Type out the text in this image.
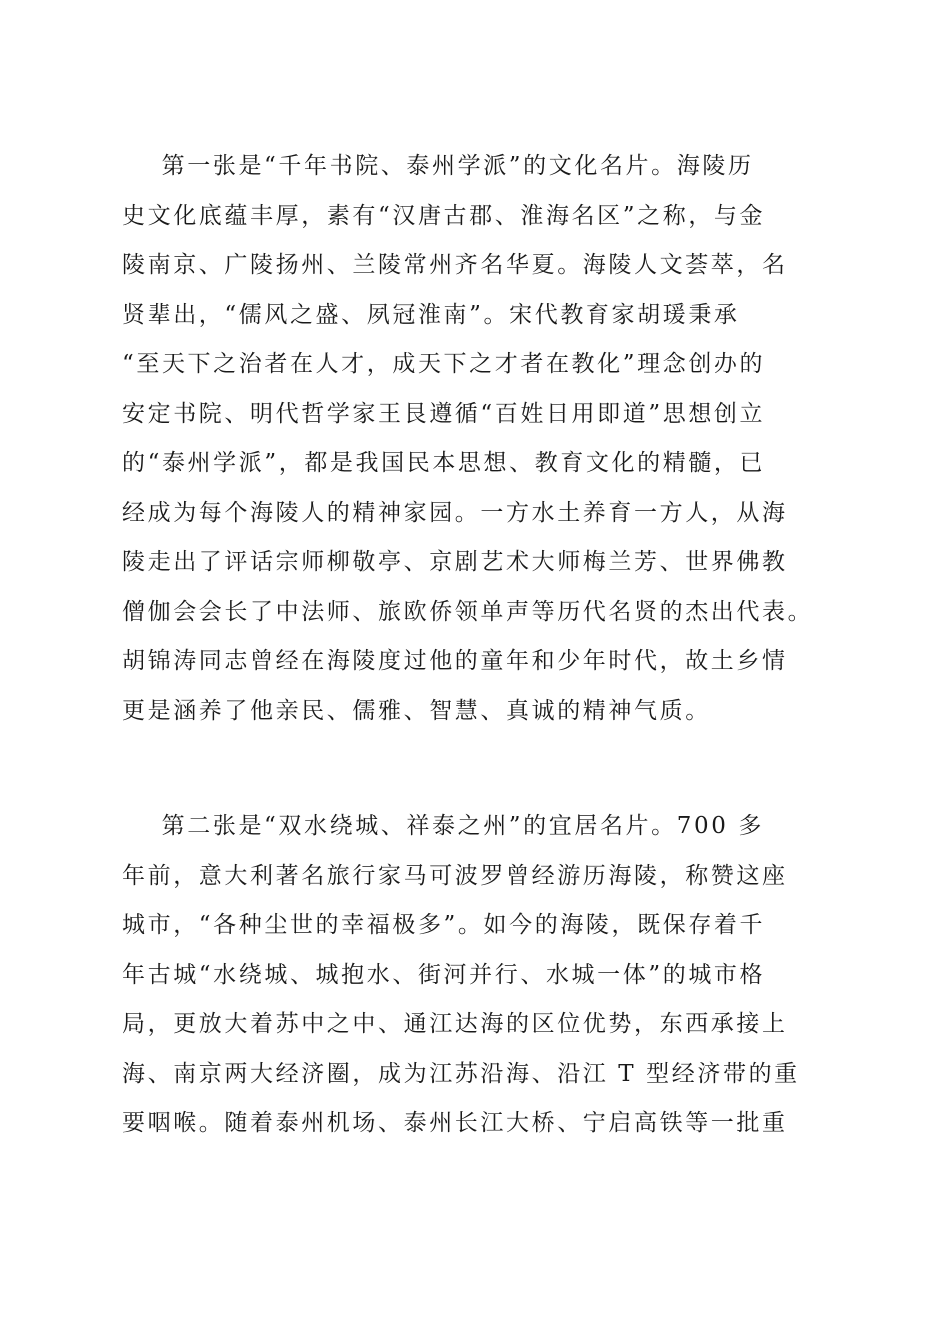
第一张是“千年书院、泰州学派”的文化名片。海陵历
史文化底蕴丰厚，素有“汉唐古郡、淮海名区”之称，与金
陵南京、广陵扬州、兰陵常州齐名华夏。海陵人文荟萃，名
贤辈出，“儒风之盛、夙冠淮南”。宋代教育家胡瑗秉承
“至天下之治者在人才，成天下之才者在教化”理念创办的
安定书院、明代哲学家王艮遵循“百姓日用即道”思想创立
的“泰州学派”，都是我国民本思想、教育文化的精髓，已
经成为每个海陵人的精神家园。一方水土养育一方人，从海
陵走出了评话宗师柳敬亭、京剧艺术大师梅兰芳、世界佛教
僧伽会会长了中法师、旅欧侨领单声等历代名贤的杰出代表。
胡锦涛同志曾经在海陵度过他的童年和少年时代，故土乡情
更是涵养了他亲民、儒雅、智慧、真诚的精神气质。
第二张是“双水绕城、祥泰之州”的宜居名片。700 多
年前，意大利著名旅行家马可波罗曾经游历海陵，称赞这座
城市，“各种尘世的幸福极多”。如今的海陵，既保存着千
年古城“水绕城、城抱水、街河并行、水城一体”的城市格
局，更放大着苏中之中、通江达海的区位优势，东西承接上
海、南京两大经济圈，成为江苏沿海、沿江 T 型经济带的重
要咽喉。随着泰州机场、泰州长江大桥、宁启高铁等一批重
